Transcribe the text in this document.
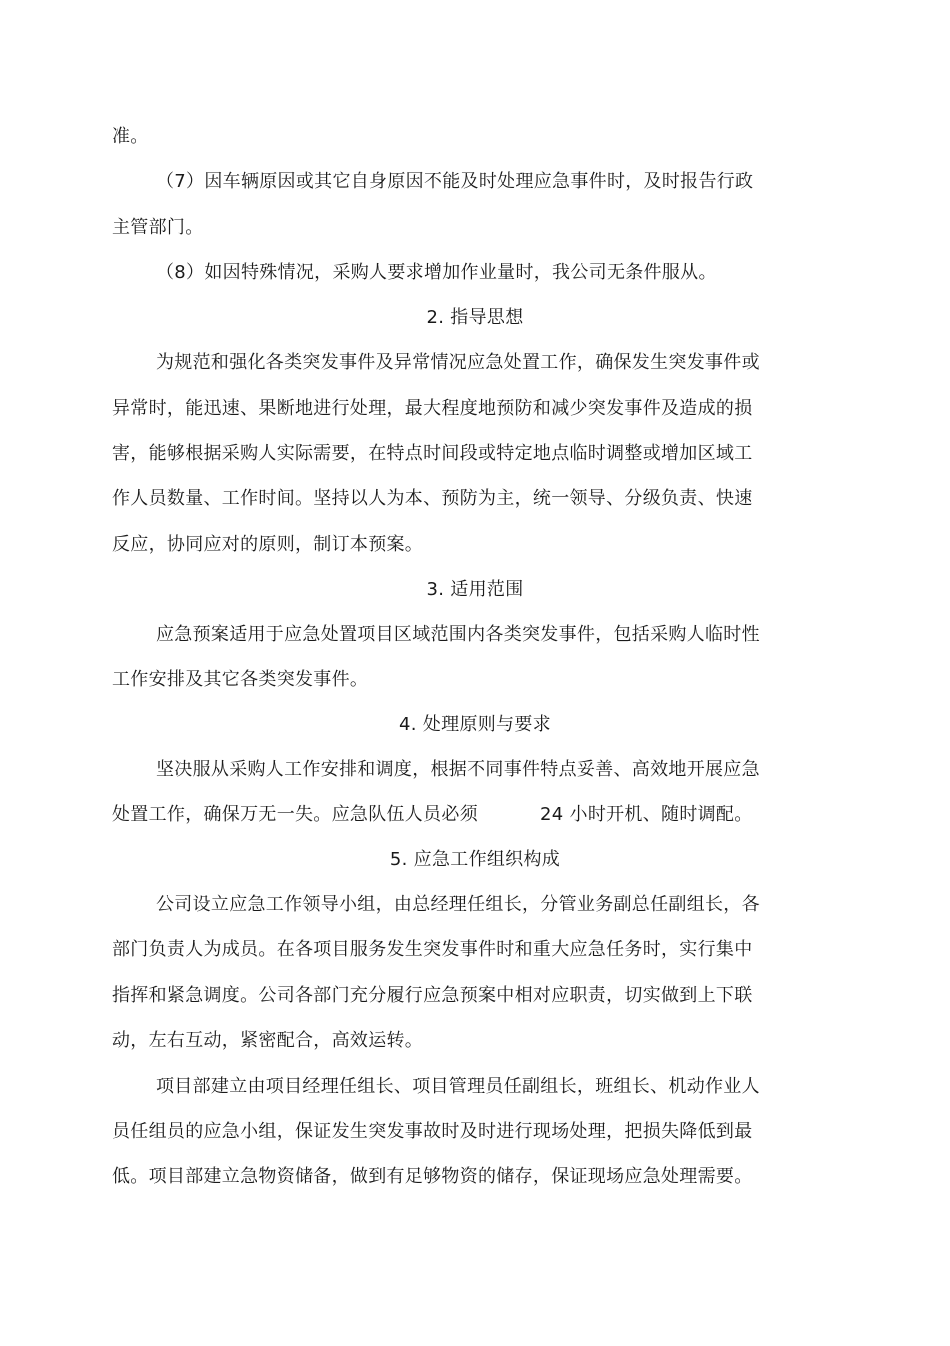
准。
（7）因车辆原因或其它自身原因不能及时处理应急事件时，及时报告行政
主管部门。
（8）如因特殊情况，采购人要求增加作业量时，我公司无条件服从。
2. 指导思想
为规范和强化各类突发事件及异常情况应急处置工作，确保发生突发事件或
异常时，能迅速、果断地进行处理，最大程度地预防和减少突发事件及造成的损
害，能够根据采购人实际需要，在特点时间段或特定地点临时调整或增加区域工
作人员数量、工作时间。坚持以人为本、预防为主，统一领导、分级负责、快速
反应，协同应对的原则，制订本预案。
3. 适用范围
应急预案适用于应急处置项目区域范围内各类突发事件，包括采购人临时性
工作安排及其它各类突发事件。
4. 处理原则与要求
坚决服从采购人工作安排和调度，根据不同事件特点妥善、高效地开展应急
处置工作，确保万无一失。应急队伍人员必须	24 小时开机、随时调配。
5. 应急工作组织构成
公司设立应急工作领导小组，由总经理任组长，分管业务副总任副组长，各
部门负责人为成员。在各项目服务发生突发事件时和重大应急任务时，实行集中
指挥和紧急调度。公司各部门充分履行应急预案中相对应职责，切实做到上下联
动，左右互动，紧密配合，高效运转。
项目部建立由项目经理任组长、项目管理员任副组长，班组长、机动作业人
员任组员的应急小组，保证发生突发事故时及时进行现场处理，把损失降低到最
低。项目部建立急物资储备，做到有足够物资的储存，保证现场应急处理需要。
